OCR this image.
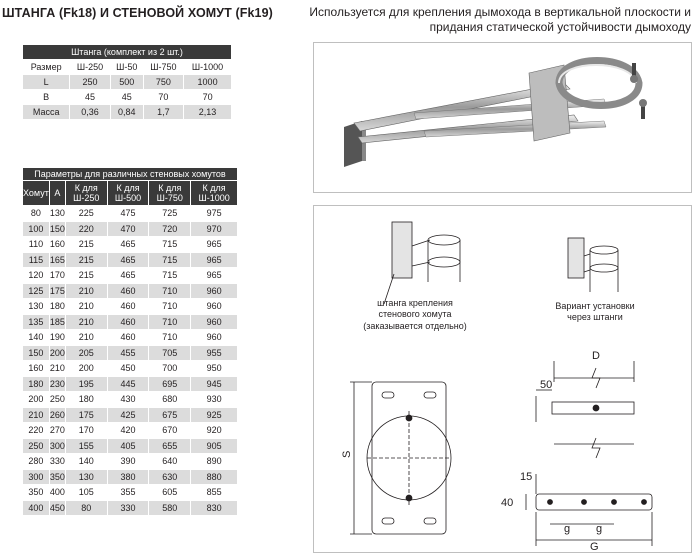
ШТАНГА (Fk18) И СТЕНОВОЙ ХОМУТ (Fk19)	Используется для крепления дымохода в вертикальной плоскости и
придания статической устойчивости дымоходу
Штанга (комплект из 2 шт.)				
Размер	Ш-250	Ш-50	Ш-750	Ш-1000
L	250	500	750	1000
B	45	45	70	70
Масса	0,36	0,84	1,7	2,13
Параметры для различных стеновых хомутов					
Хомут	A	К для Ш-250	К для Ш-500	К для Ш-750	К для Ш-1000
80	130	225	475	725	975
100	150	220	470	720	970
110	160	215	465	715	965
115	165	215	465	715	965
120	170	215	465	715	965
125	175	210	460	710	960
130	180	210	460	710	960
135	185	210	460	710	960
140	190	210	460	710	960
150	200	205	455	705	955
160	210	200	450	700	950
180	230	195	445	695	945
200	250	180	430	680	930
210	260	175	425	675	925
220	270	170	420	670	920
250	300	155	405	655	905
280	330	140	390	640	890
300	350	130	380	630	880
350	400	105	355	605	855
400	450	80	330	580	830
S
D
50
15
40
g g
G
штанга крепления
стенового хомута
(заказывается отдельно)
Вариант установки
через штанги
